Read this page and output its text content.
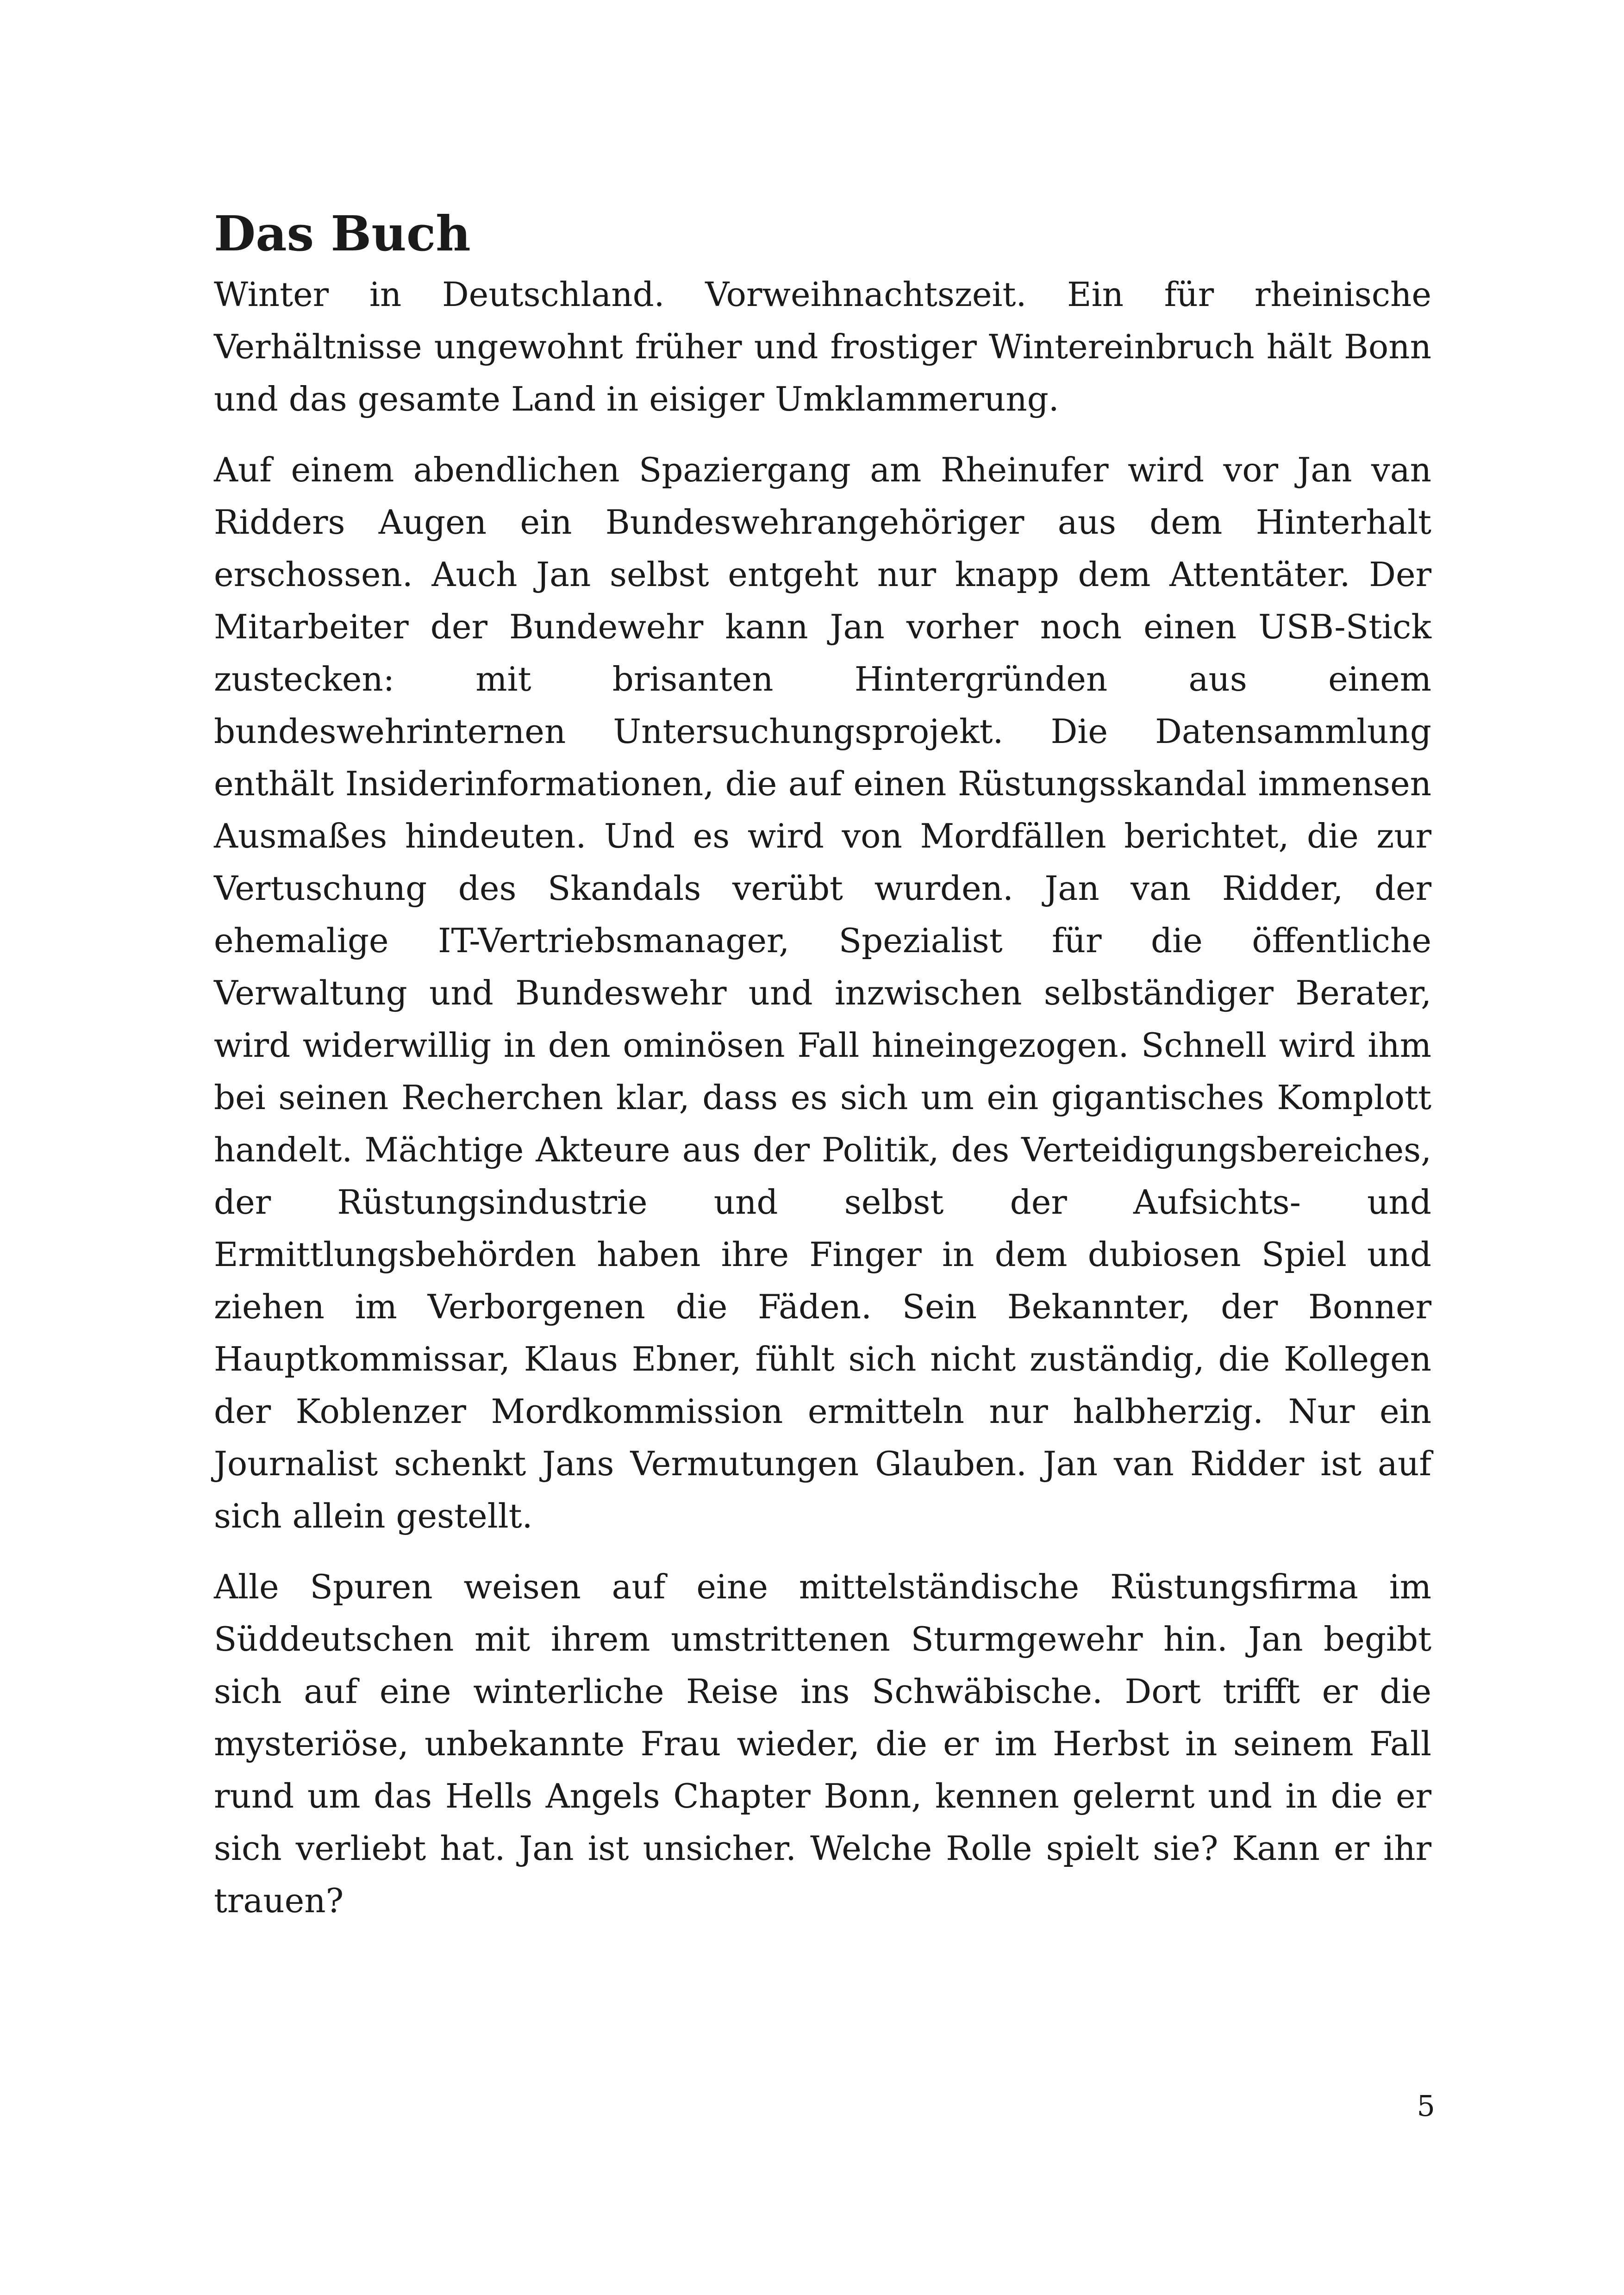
Das Buch

Winter in Deutschland. Vorweihnachtszeit. Ein für rheinische Verhältnisse ungewohnt früher und frostiger Wintereinbruch hält Bonn und das gesamte Land in eisiger Umklammerung.

Auf einem abendlichen Spaziergang am Rheinufer wird vor Jan van Ridders Augen ein Bundeswehrangehöriger aus dem Hinterhalt erschossen. Auch Jan selbst entgeht nur knapp dem Attentäter. Der Mitarbeiter der Bundewehr kann Jan vorher noch einen USB-Stick zustecken: mit brisanten Hintergründen aus einem bundeswehrinternen Untersuchungsprojekt. Die Datensammlung enthält Insiderinformationen, die auf einen Rüstungsskandal immensen Ausmaßes hindeuten. Und es wird von Mordfällen berichtet, die zur Vertuschung des Skandals verübt wurden. Jan van Ridder, der ehemalige IT-Vertriebsmanager, Spezialist für die öffentliche Verwaltung und Bundeswehr und inzwischen selbständiger Berater, wird widerwillig in den ominösen Fall hineingezogen. Schnell wird ihm bei seinen Recherchen klar, dass es sich um ein gigantisches Komplott handelt. Mächtige Akteure aus der Politik, des Verteidigungsbereiches, der Rüstungsindustrie und selbst der Aufsichts- und Ermittlungsbehörden haben ihre Finger in dem dubiosen Spiel und ziehen im Verborgenen die Fäden. Sein Bekannter, der Bonner Hauptkommissar, Klaus Ebner, fühlt sich nicht zuständig, die Kollegen der Koblenzer Mordkommission ermitteln nur halbherzig. Nur ein Journalist schenkt Jans Vermutungen Glauben. Jan van Ridder ist auf sich allein gestellt.

Alle Spuren weisen auf eine mittelständische Rüstungsfirma im Süddeutschen mit ihrem umstrittenen Sturmgewehr hin. Jan begibt sich auf eine winterliche Reise ins Schwäbische. Dort trifft er die mysteriöse, unbekannte Frau wieder, die er im Herbst in seinem Fall rund um das Hells Angels Chapter Bonn, kennen gelernt und in die er sich verliebt hat. Jan ist unsicher. Welche Rolle spielt sie? Kann er ihr trauen?

5
